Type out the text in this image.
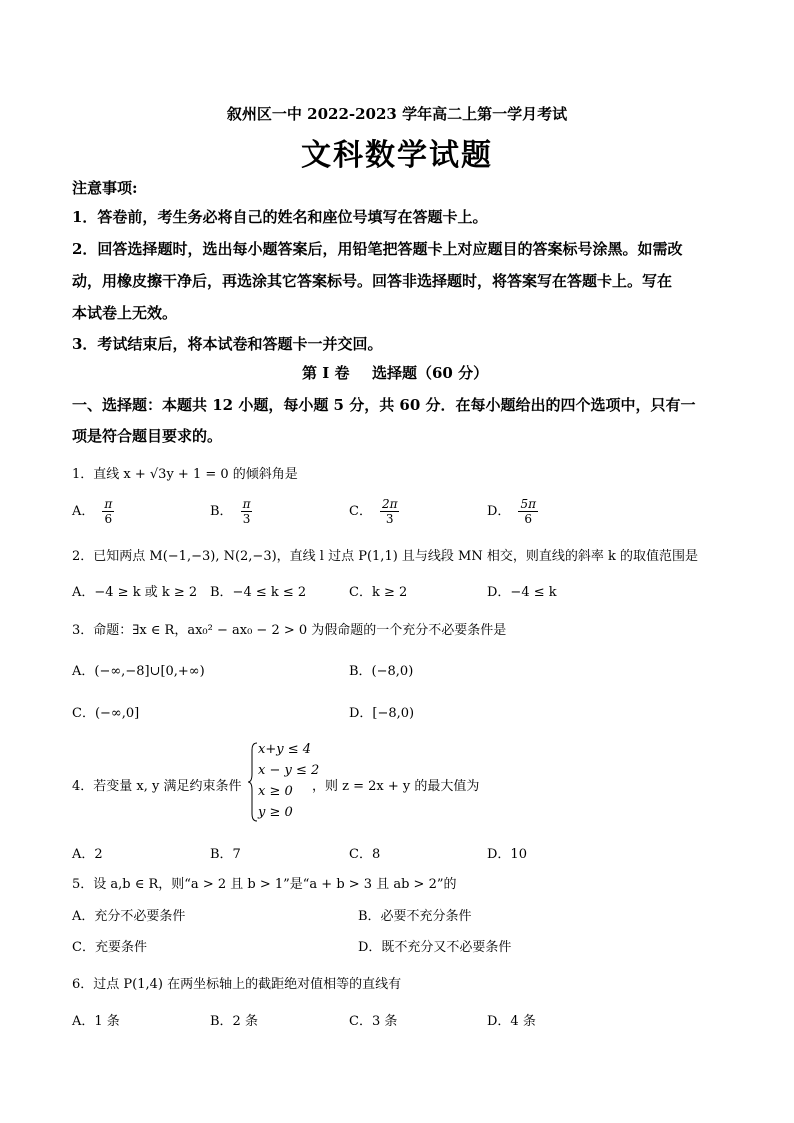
叙州区一中 2022-2023 学年高二上第一学月考试
文科数学试题
注意事项:
1．答卷前，考生务必将自己的姓名和座位号填写在答题卡上。
2．回答选择题时，选出每小题答案后，用铅笔把答题卡上对应题目的答案标号涂黑。如需改
动，用橡皮擦干净后，再选涂其它答案标号。回答非选择题时，将答案写在答题卡上。写在
本试卷上无效。
3．考试结束后，将本试卷和答题卡一并交回。
第 I 卷 选择题（60 分）
一、选择题：本题共 12 小题，每小题 5 分，共 60 分．在每小题给出的四个选项中，只有一
项是符合题目要求的。
1．直线 x + √3y + 1 = 0 的倾斜角是
A． $\frac{\pi}{6}$	B． $\frac{\pi}{3}$	C． $\frac{2\pi}{3}$	D． $\frac{5\pi}{6}$
2．已知两点 M(−1,−3), N(2,−3)，直线 l 过点 P(1,1) 且与线段 MN 相交，则直线的斜率 k 的取值范围是
A．−4 ≥ k 或 k ≥ 2 B．−4 ≤ k ≤ 2	C．k ≥ 2	D．−4 ≤ k
3．命题：∃x ∈ R，ax₀² − ax₀ − 2 > 0 为假命题的一个充分不必要条件是
A．(−∞,−8]∪[0,+∞)	B．(−8,0)
C．(−∞,0]	D．[−8,0)
4．若变量 x, y 满足约束条件
x+y ≤ 4
x − y ≤ 2
x ≥ 0
y ≥ 0
，则 z = 2x + y 的最大值为
A．2	B．7	C．8	D．10
5．设 a,b ∈ R，则“a > 2 且 b > 1”是“a + b > 3 且 ab > 2”的
A．充分不必要条件	B．必要不充分条件
C．充要条件	D．既不充分又不必要条件
6．过点 P(1,4) 在两坐标轴上的截距绝对值相等的直线有
A．1 条	B．2 条	C．3 条	D．4 条
